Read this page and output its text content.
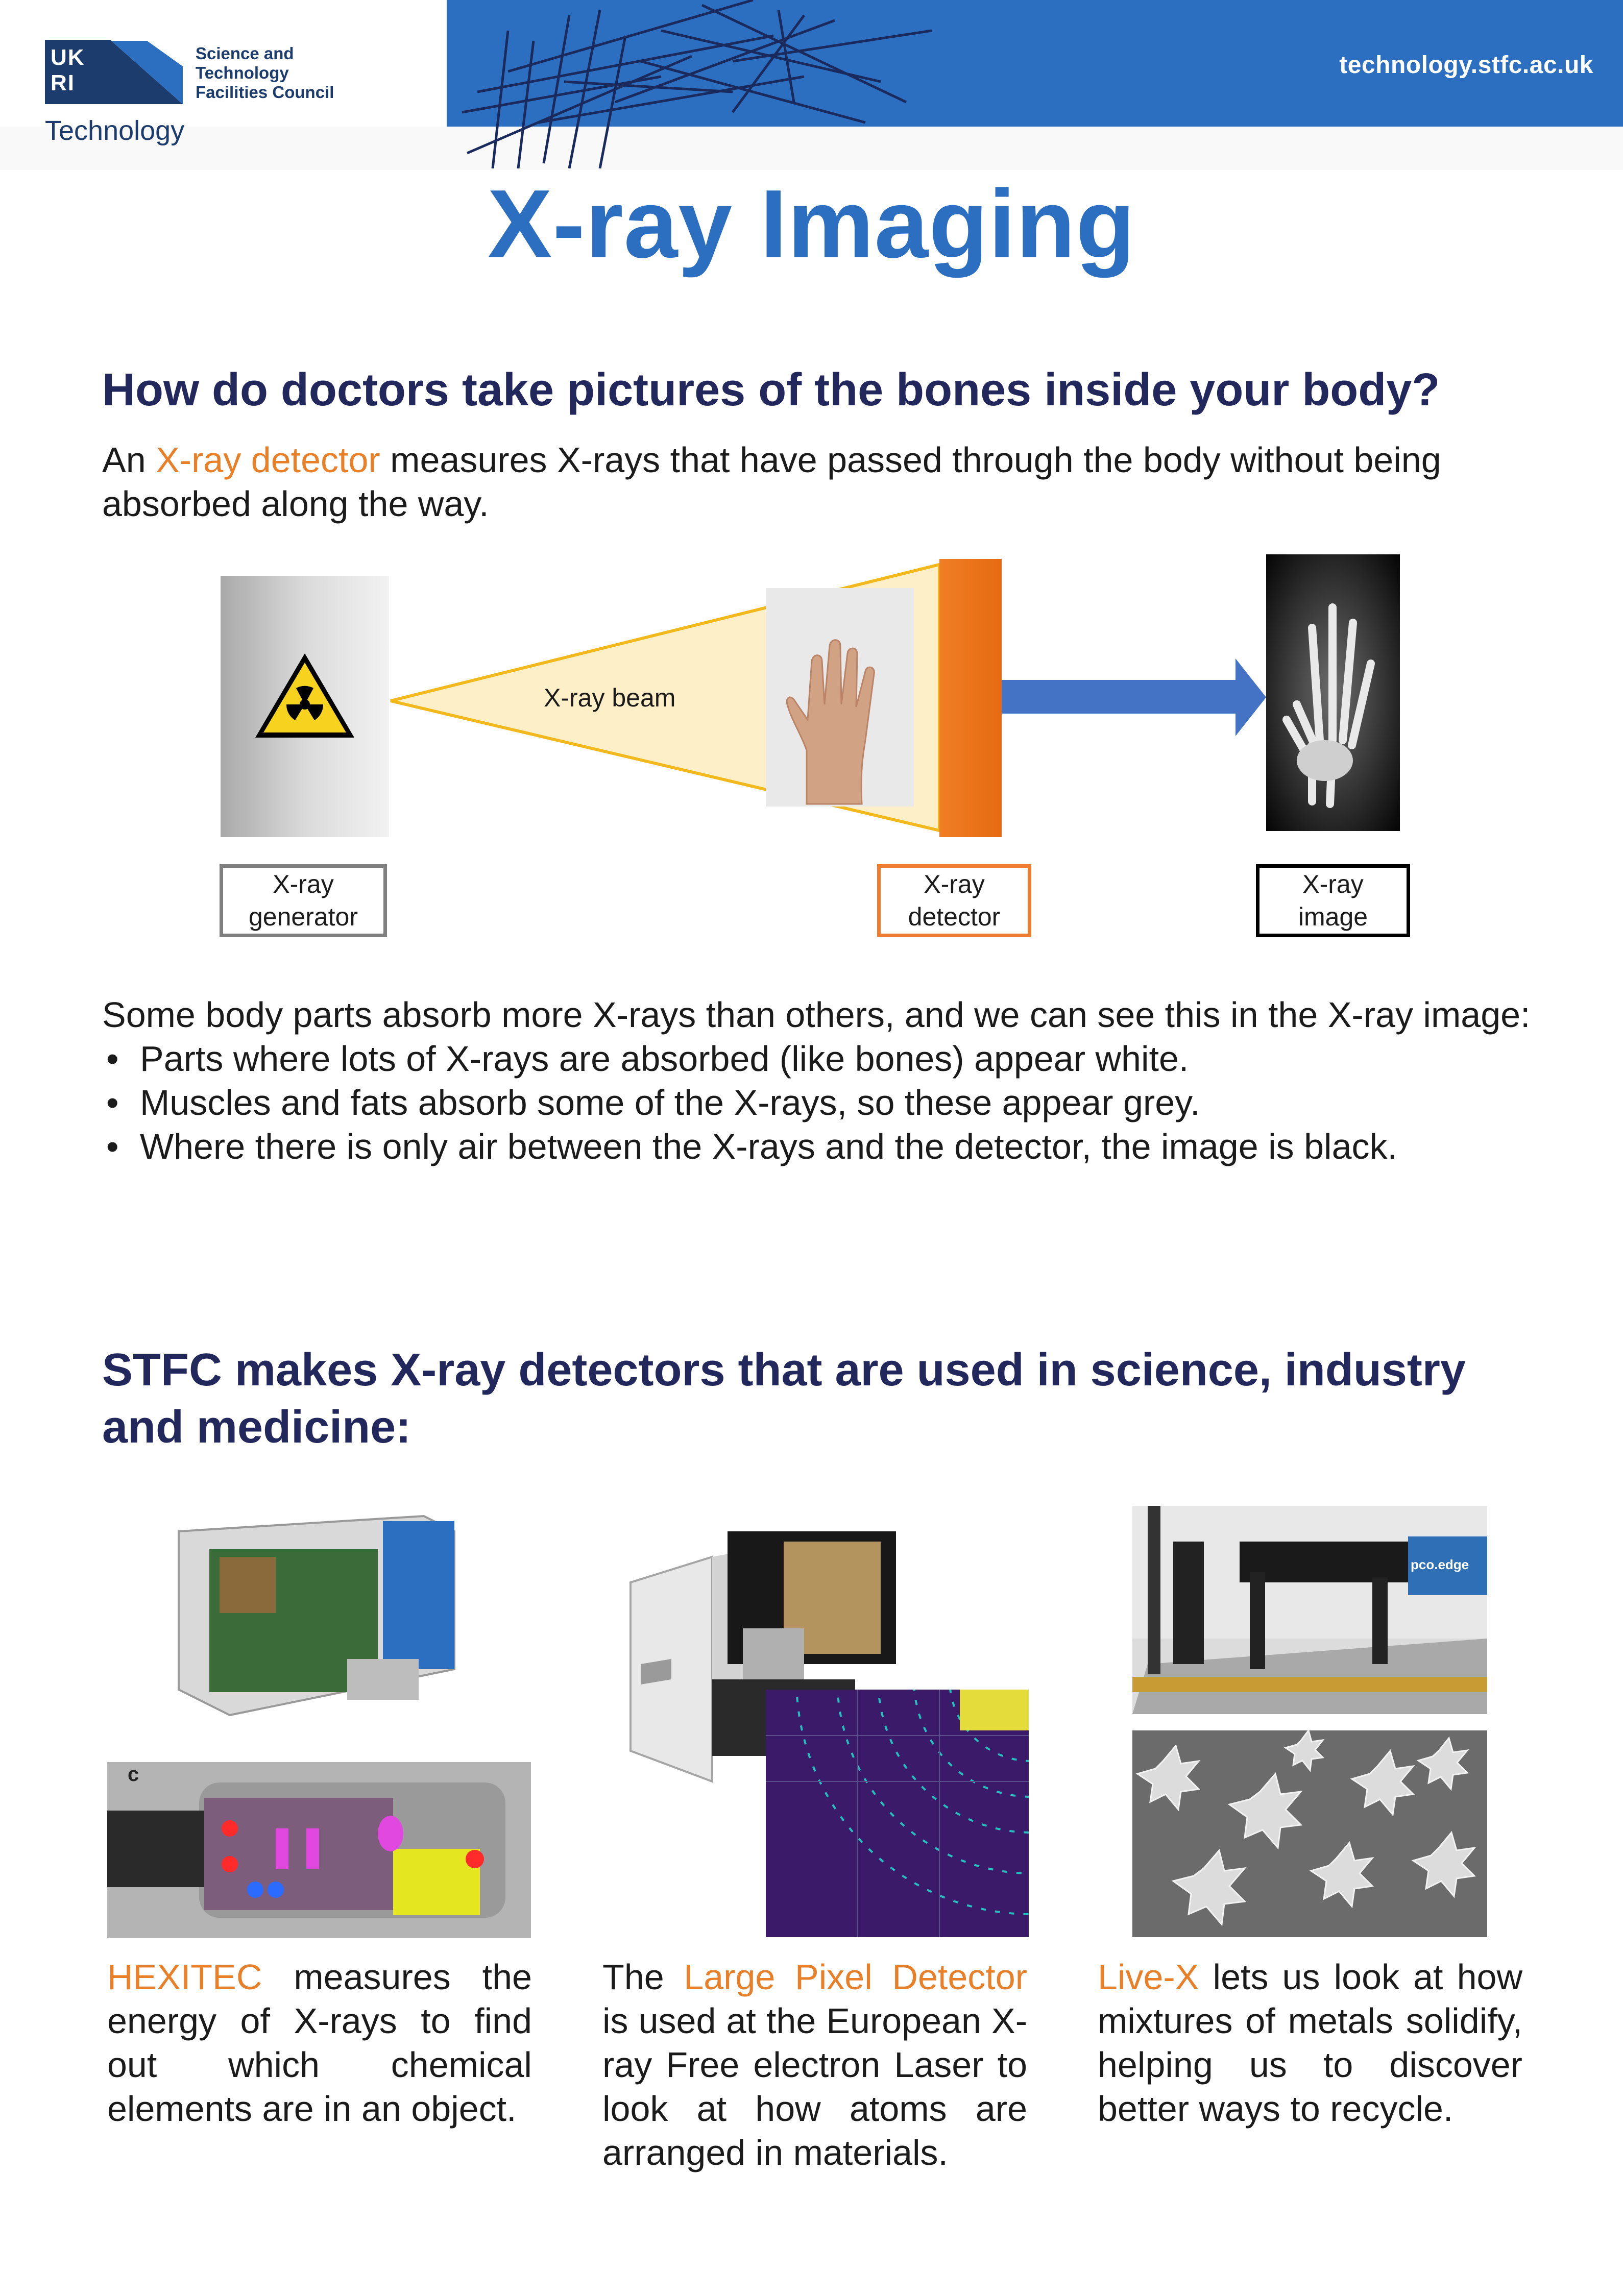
technology.stfc.ac.uk
UK
RI
Science and
Technology
Facilities Council
Technology
X-ray Imaging
How do doctors take pictures of the bones inside your body?
An X-ray detector measures X-rays that have passed through the body without being absorbed along the way.
X-ray
generator
X-ray
detector
X-ray
image
X-ray beam
Some body parts absorb more X-rays than others, and we can see this in the X-ray image:
• Parts where lots of X-rays are absorbed (like bones) appear white.
• Muscles and fats absorb some of the X-rays, so these appear grey.
• Where there is only air between the X-rays and the detector, the image is black.
STFC makes X-ray detectors that are used in science, industry and medicine:
c
HEXITEC measures the energy of X-rays to find out which chemical elements are in an object.
The Large Pixel Detector is used at the European X-ray Free electron Laser to look at how atoms are arranged in materials.
pco.edge
Live-X lets us look at how mixtures of metals solidify, helping us to discover better ways to recycle.
